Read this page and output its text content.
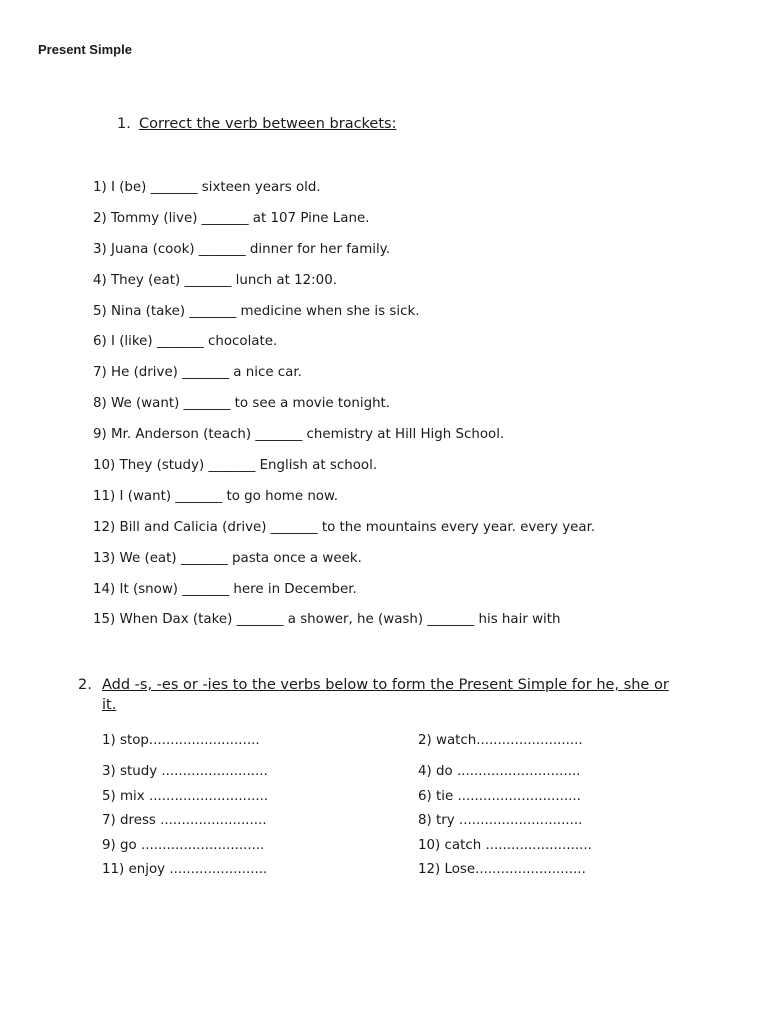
Present Simple
1. Correct the verb between brackets:
1) I (be) _______ sixteen years old.
2) Tommy (live) _______ at 107 Pine Lane.
3) Juana (cook) _______ dinner for her family.
4) They (eat) _______ lunch at 12:00.
5) Nina (take) _______ medicine when she is sick.
6) I (like) _______ chocolate.
7) He (drive) _______ a nice car.
8) We (want) _______ to see a movie tonight.
9) Mr. Anderson (teach) _______ chemistry at Hill High School.
10) They (study) _______ English at school.
11) I (want) _______ to go home now.
12) Bill and Calicia (drive) _______ to the mountains every year. every year.
13) We (eat) _______ pasta once a week.
14) It (snow) _______ here in December.
15) When Dax (take) _______ a shower, he (wash) _______ his hair with
2. Add -s, -es or -ies to the verbs below to form the Present Simple for he, she or it.
1) stop..........................	2) watch.........................
3) study .........................	4) do .............................
5) mix ............................	6) tie .............................
7) dress .........................	8) try .............................
9) go .............................	10) catch .........................
11) enjoy .......................	12) Lose..........................
